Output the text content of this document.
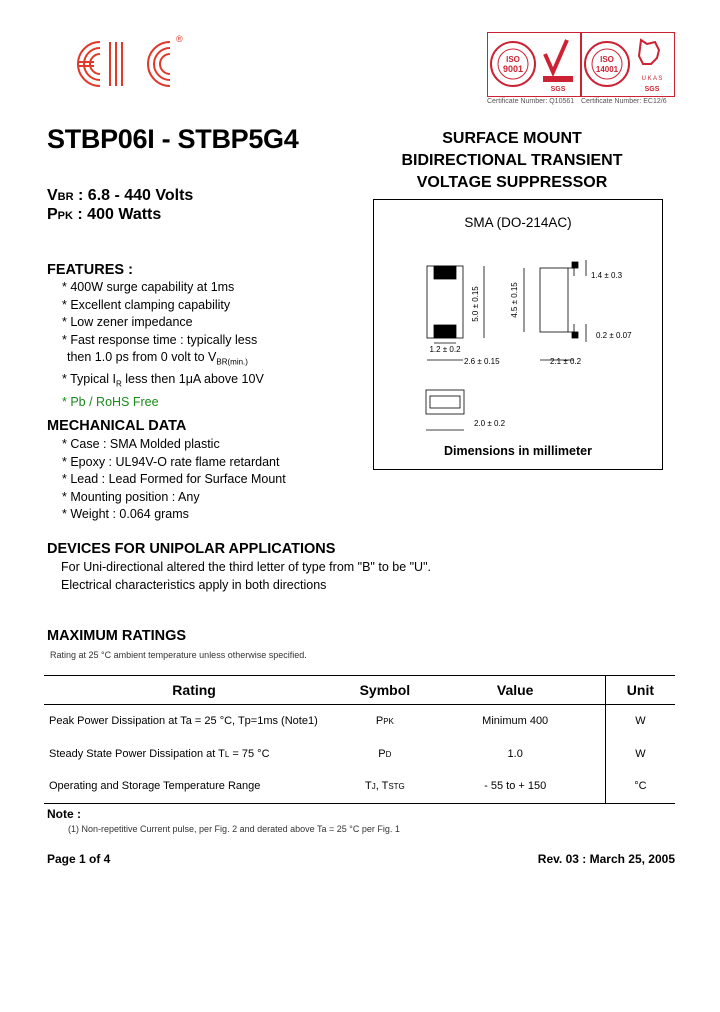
®
ISO
9001
SGS
Certificate Number: Q10561
ISO
14001
U K A S
SGS
Certificate Number: EC12/6
STBP06I - STBP5G4	SURFACE MOUNT
BIDIRECTIONAL TRANSIENT
VOLTAGE SUPPRESSOR
VBR : 6.8 - 440 Volts
PPK : 400 Watts
FEATURES :
* 400W surge capability at 1ms
* Excellent clamping capability
* Low zener impedance
* Fast response time : typically less
then 1.0 ps from 0 volt to $V_{BR(min.)}$
* Typical $I_R$ less then 1μA above 10V
* Pb / RoHS Free
MECHANICAL DATA
* Case : SMA Molded plastic
* Epoxy : UL94V-O rate flame retardant
* Lead : Lead Formed for Surface Mount
* Mounting position : Any
* Weight : 0.064 grams
SMA (DO-214AC)
5.0 ± 0.15	4.5 ± 0.15
1.2 ± 0.2
2.6 ± 0.15	2.1 ± 0.2
1.4 ± 0.3
0.2 ± 0.07
2.0 ± 0.2
Dimensions in millimeter
DEVICES FOR UNIPOLAR APPLICATIONS
For Uni-directional altered the third letter of type from "B" to be "U".
Electrical characteristics apply in both directions
MAXIMUM RATINGS
Rating at 25 °C ambient temperature unless otherwise specified.
Rating	Symbol	Value	Unit
Peak Power Dissipation at Ta = 25 °C, Tp=1ms (Note1)	PPK	Minimum 400	W
Steady State Power Dissipation at TL = 75 °C	PD	1.0	W
Operating and Storage Temperature Range	TJ, TSTG	- 55 to + 150	°C
Note :
(1) Non-repetitive Current pulse, per Fig. 2 and derated above Ta = 25 °C per Fig. 1
Page 1 of 4	Rev. 03 : March 25, 2005
